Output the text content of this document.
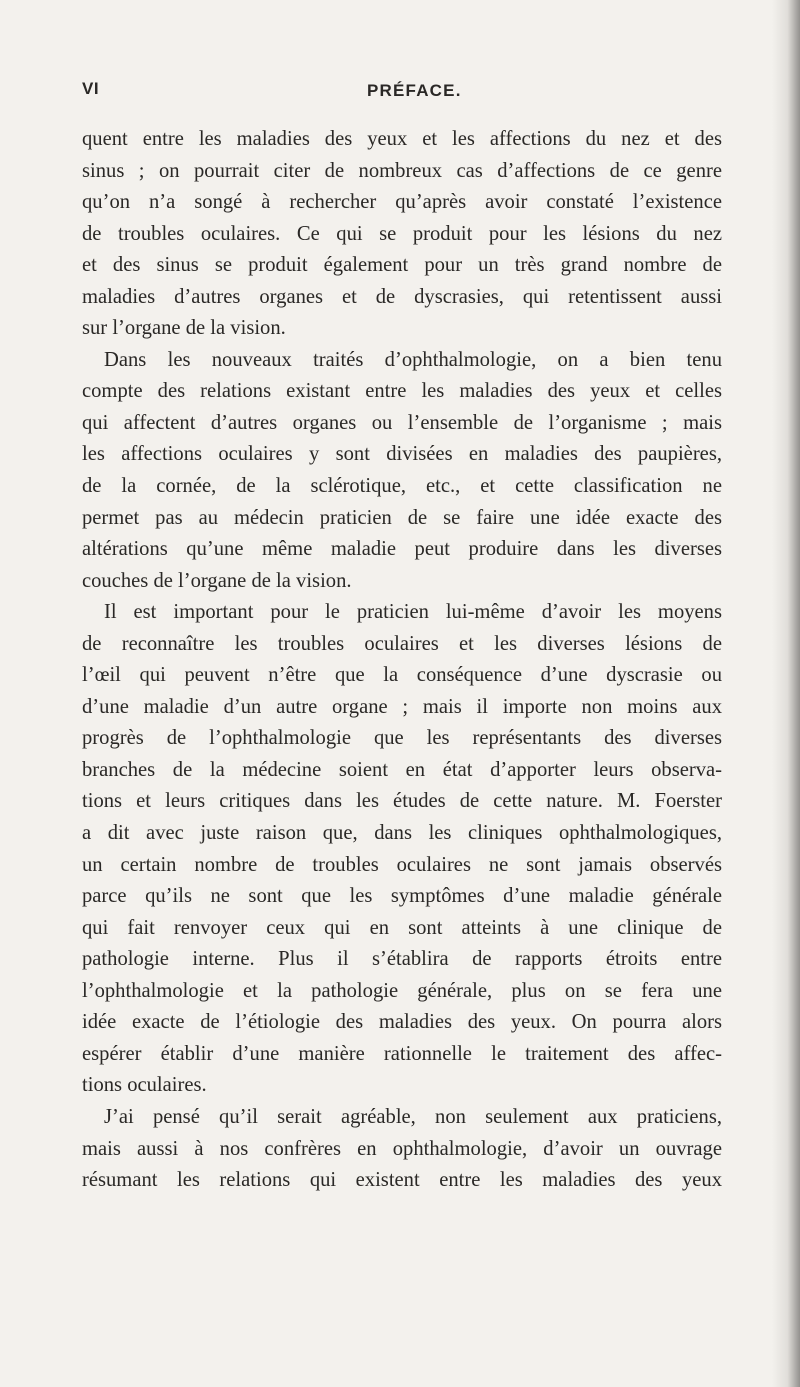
VI	PRÉFACE.
quent entre les maladies des yeux et les affections du nez et des
sinus ; on pourrait citer de nombreux cas d’affections de ce genre
qu’on n’a songé à rechercher qu’après avoir constaté l’existence
de troubles oculaires. Ce qui se produit pour les lésions du nez
et des sinus se produit également pour un très grand nombre de
maladies d’autres organes et de dyscrasies, qui retentissent aussi
sur l’organe de la vision.
Dans les nouveaux traités d’ophthalmologie, on a bien tenu
compte des relations existant entre les maladies des yeux et celles
qui affectent d’autres organes ou l’ensemble de l’organisme ; mais
les affections oculaires y sont divisées en maladies des paupières,
de la cornée, de la sclérotique, etc., et cette classification ne
permet pas au médecin praticien de se faire une idée exacte des
altérations qu’une même maladie peut produire dans les diverses
couches de l’organe de la vision.
Il est important pour le praticien lui-même d’avoir les moyens
de reconnaître les troubles oculaires et les diverses lésions de
l’œil qui peuvent n’être que la conséquence d’une dyscrasie ou
d’une maladie d’un autre organe ; mais il importe non moins aux
progrès de l’ophthalmologie que les représentants des diverses
branches de la médecine soient en état d’apporter leurs observa-
tions et leurs critiques dans les études de cette nature. M. Foerster
a dit avec juste raison que, dans les cliniques ophthalmologiques,
un certain nombre de troubles oculaires ne sont jamais observés
parce qu’ils ne sont que les symptômes d’une maladie générale
qui fait renvoyer ceux qui en sont atteints à une clinique de
pathologie interne. Plus il s’établira de rapports étroits entre
l’ophthalmologie et la pathologie générale, plus on se fera une
idée exacte de l’étiologie des maladies des yeux. On pourra alors
espérer établir d’une manière rationnelle le traitement des affec-
tions oculaires.
J’ai pensé qu’il serait agréable, non seulement aux praticiens,
mais aussi à nos confrères en ophthalmologie, d’avoir un ouvrage
résumant les relations qui existent entre les maladies des yeux
